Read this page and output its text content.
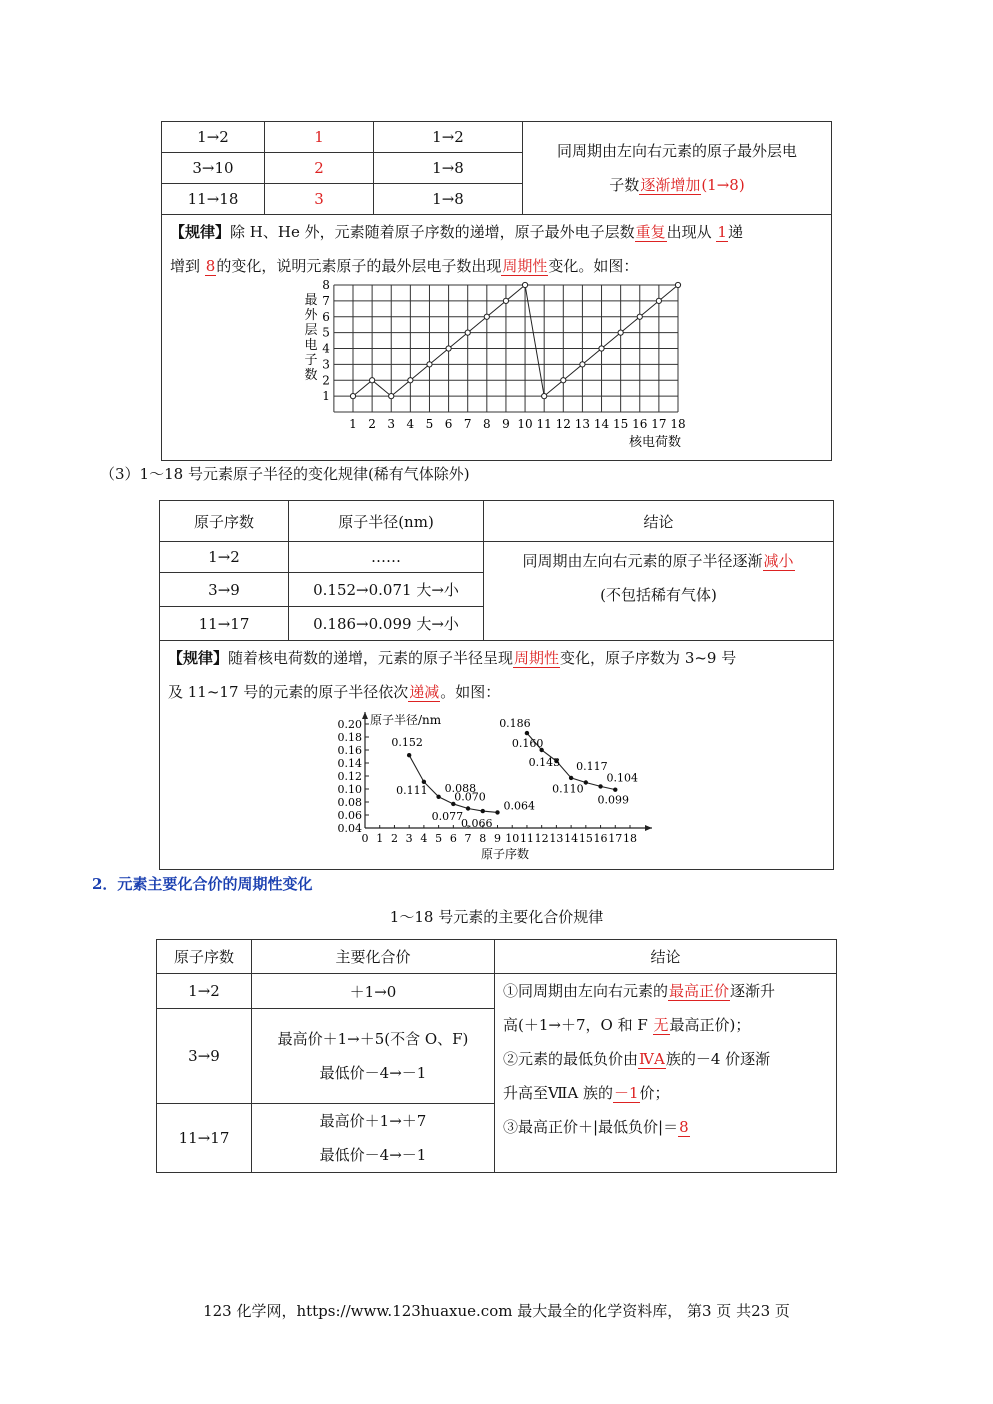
1→2	1	1→2	同周期由左向右元素的原子最外层电
子数逐渐增加(1→8)
3→10	2	1→8	
11→18	3	1→8	

【规律】除 H、He 外，元素随着原子序数的递增，原子最外电子层数重复出现从 1递
增到 8的变化，说明元素原子的最外层电子数出现周期性变化。如图：			
1
2
3
4
5
6
7
8
1 2 3 4 5 6 7 8 9 10 11 12 13 14 15 16 17 18
最外层电子数
核电荷数
（3）1～18 号元素原子半径的变化规律(稀有气体除外)
原子序数	原子半径(nm)	结论
1→2	……	同周期由左向右元素的原子半径逐渐减小
(不包括稀有气体)
3→9	0.152→0.071 大→小	
11→17	0.186→0.099 大→小	

【规律】随着核电荷数的递增，元素的原子半径呈现周期性变化，原子序数为 3~9 号
及 11~17 号的元素的原子半径依次递减。如图：		
0.04
0.06
0.08
0.10
0.12
0.14
0.16
0.18
0.20
0 1 2 3 4 5 6 7 8 9 10 11 12 13 14 15 16 17 18
0.152
0.111 0.088
0.077
0.070
0.066
0.064
0.186
0.160
0.143 0.117
0.110
0.104
0.099
原子半径/nm
原子序数
2．元素主要化合价的周期性变化
1～18 号元素的主要化合价规律
原子序数	主要化合价	结论
1→2	＋1→0	①同周期由左向右元素的最高正价逐渐升
高(＋1→＋7，O 和 F 无最高正价)；
②元素的最低负价由ⅣA族的－4 价逐渐
升高至ⅦA 族的－1价；
③最高正价＋|最低负价|＝8
3→9	最高价＋1→＋5(不含 O、F)
最低价－4→－1	
11→17	最高价＋1→＋7
最低价－4→－1	
123 化学网，https://www.123huaxue.com 最大最全的化学资料库， 第3 页 共23 页
